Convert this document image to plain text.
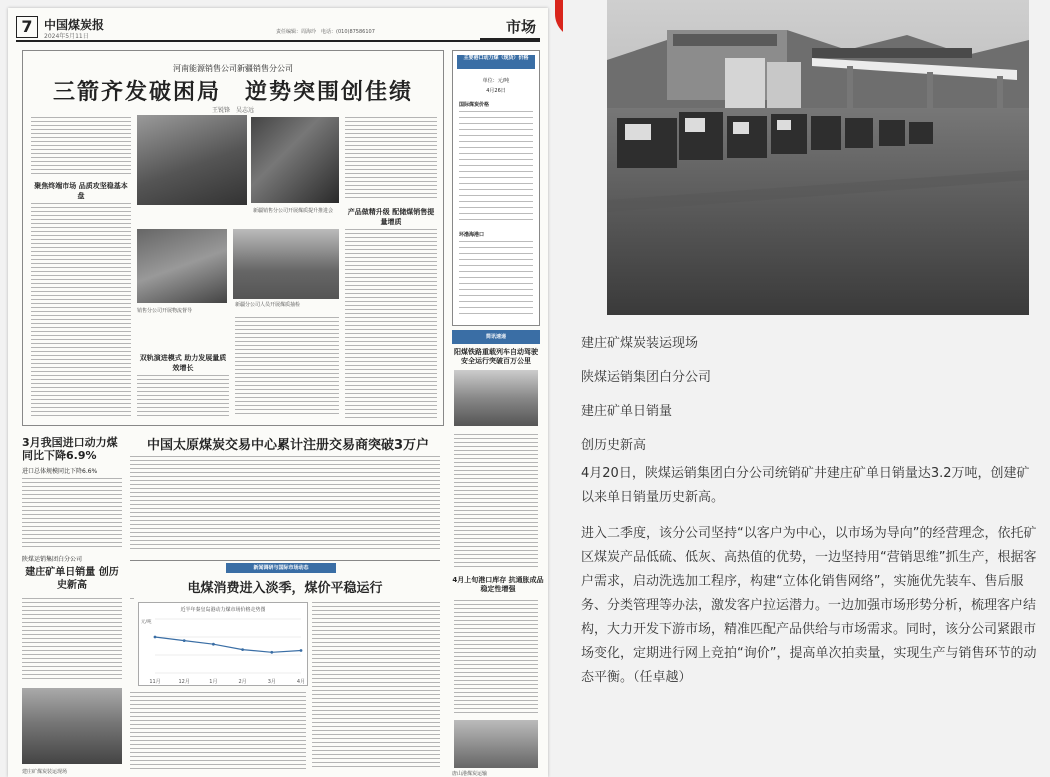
7 中国煤炭报
2024年5月11日
责任编辑：周海玲　电话：(010)87586107	市场
河南能源销售公司新疆销售分公司
三箭齐发破困局　逆势突围创佳绩
王锐锋　吴志远
聚焦终端市场 品质攻坚稳基本盘
新疆销售分公司开展煤质提升推进会
销售分公司开展物流督导
双轨演进模式 助力发展量质效增长
新疆分公司人员开展煤质抽检
产品做精升级 配储煤销售提量增质
主要港口动力煤（现货）价格
单位：元/吨
4月26日
国际煤炭价格
环渤海港口
简讯速递
阳煤铁路重载列车自动驾驶 安全运行突破百万公里
中国太原煤炭交易中心累计注册交易商突破3万户
3月我国进口动力煤 同比下降6.9%
进口总体规模同比下降6.6%
陕煤运销集团白分公司
建庄矿单日销量 创历史新高
建庄矿煤炭装运现场
新闻调研与国际市场动态
电煤消费进入淡季，煤价平稳运行
近半年秦皇岛港动力煤市场价格走势图
11月	12月	1月	2月	3月	4月
元/吨
4月上旬港口库存 抗通胀成品稳定性增强
唐山港煤炭运输
建庄矿煤炭装运现场
陕煤运销集团白分公司
建庄矿单日销量
创历史新高
4月20日，陕煤运销集团白分公司统销矿井建庄矿单日销量达3.2万吨，创建矿以来单日销量历史新高。
进入二季度，该分公司坚持“以客户为中心，以市场为导向”的经营理念，依托矿区煤炭产品低硫、低灰、高热值的优势，一边坚持用“营销思维”抓生产，根据客户需求，启动洗选加工程序，构建“立体化销售网络”，实施优先装车、售后服务、分类管理等办法，激发客户拉运潜力。一边加强市场形势分析，梳理客户结构，大力开发下游市场，精准匹配产品供给与市场需求。同时，该分公司紧跟市场变化，定期进行网上竞拍“询价”，提高单次拍卖量，实现生产与销售环节的动态平衡。（任卓越）
